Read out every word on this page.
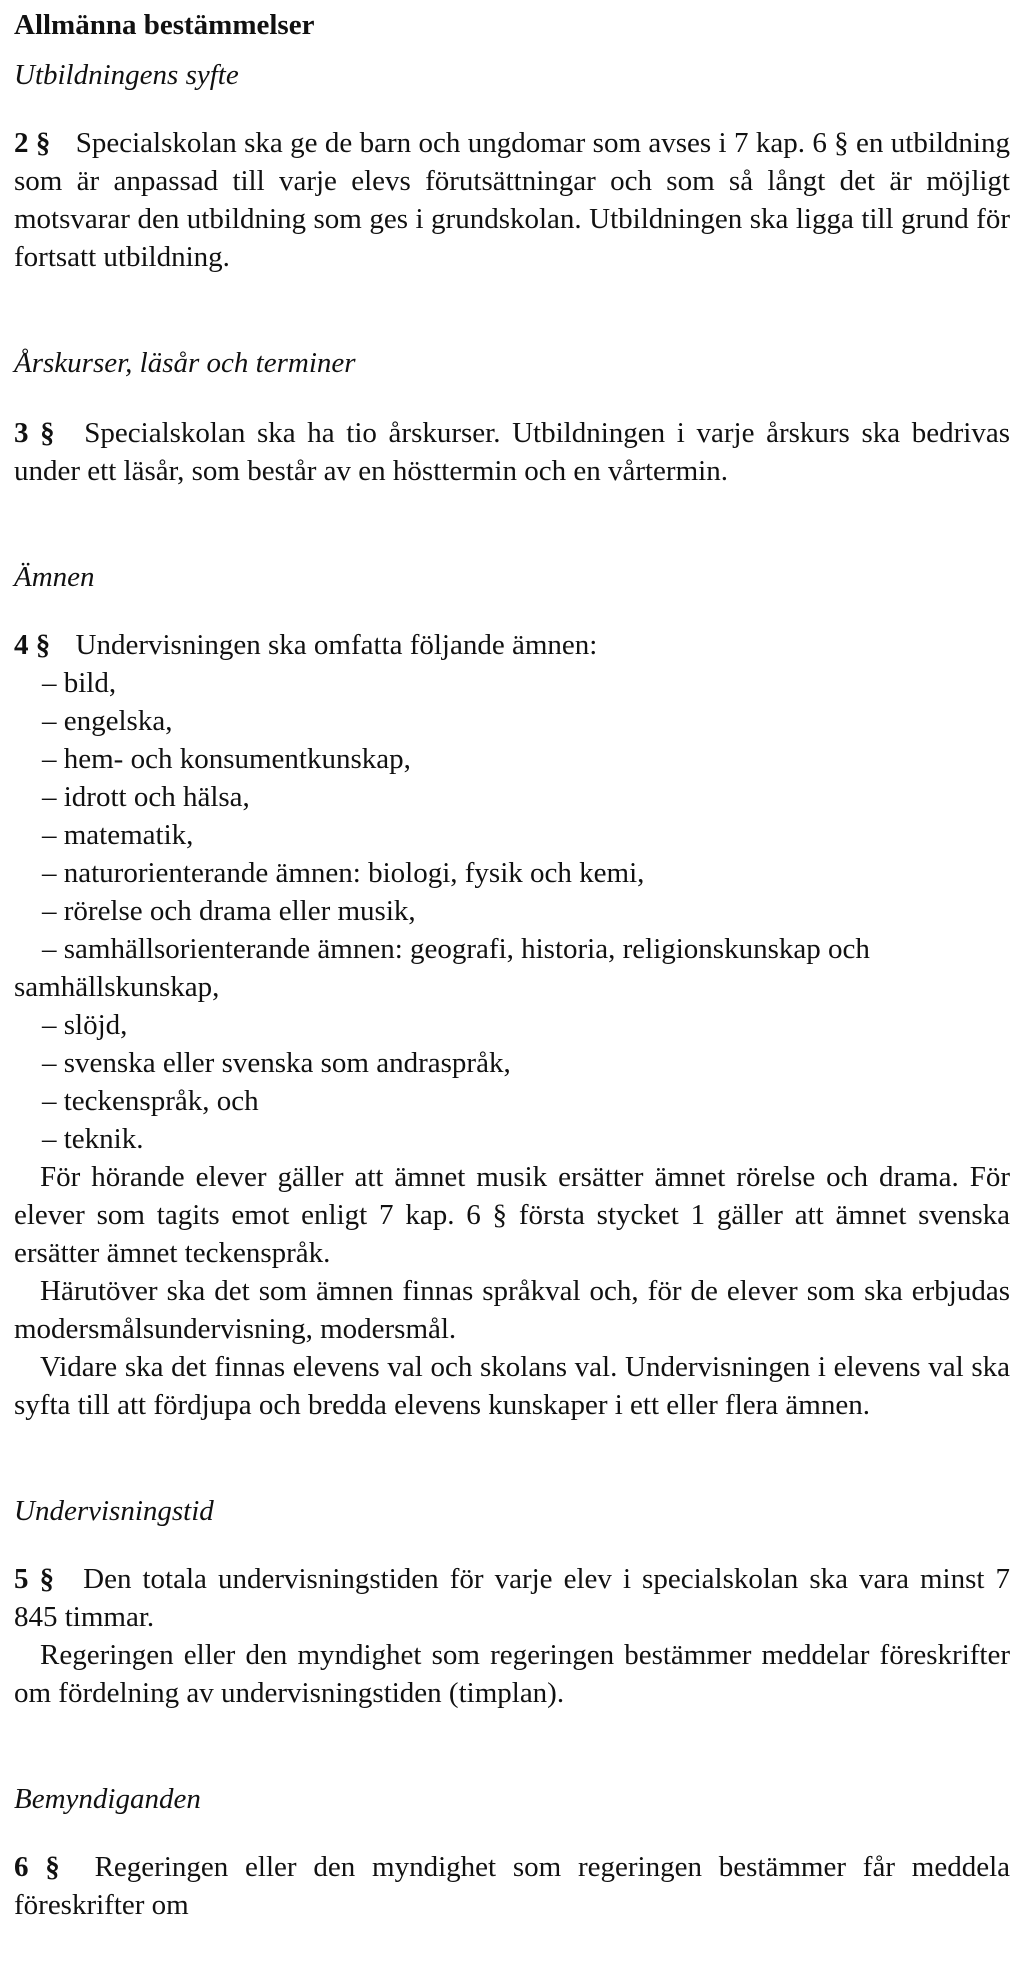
Allmänna bestämmelser
Utbildningens syfte

2 § Specialskolan ska ge de barn och ungdomar som avses i 7 kap. 6 § en utbildning som är anpassad till varje elevs förutsättningar och som så långt det är möjligt motsvarar den utbildning som ges i grundskolan. Utbildningen ska ligga till grund för fortsatt utbildning.

Årskurser, läsår och terminer

3 § Specialskolan ska ha tio årskurser. Utbildningen i varje årskurs ska bedrivas under ett läsår, som består av en hösttermin och en vårtermin.

Ämnen

4 § Undervisningen ska omfatta följande ämnen:

– bild,
– engelska,
– hem- och konsumentkunskap,
– idrott och hälsa,
– matematik,
– naturorienterande ämnen: biologi, fysik och kemi,
– rörelse och drama eller musik,
– samhällsorienterande ämnen: geografi, historia, religionskunskap och samhällskunskap,
– slöjd,
– svenska eller svenska som andraspråk,
– teckenspråk, och
– teknik.

För hörande elever gäller att ämnet musik ersätter ämnet rörelse och drama. För elever som tagits emot enligt 7 kap. 6 § första stycket 1 gäller att ämnet svenska ersätter ämnet teckenspråk.

Härutöver ska det som ämnen finnas språkval och, för de elever som ska erbjudas modersmålsundervisning, modersmål.

Vidare ska det finnas elevens val och skolans val. Undervisningen i elevens val ska syfta till att fördjupa och bredda elevens kunskaper i ett eller flera ämnen.

Undervisningstid

5 § Den totala undervisningstiden för varje elev i specialskolan ska vara minst 7 845 timmar.

Regeringen eller den myndighet som regeringen bestämmer meddelar föreskrifter om fördelning av undervisningstiden (timplan).

Bemyndiganden

6 § Regeringen eller den myndighet som regeringen bestämmer får meddela föreskrifter om
